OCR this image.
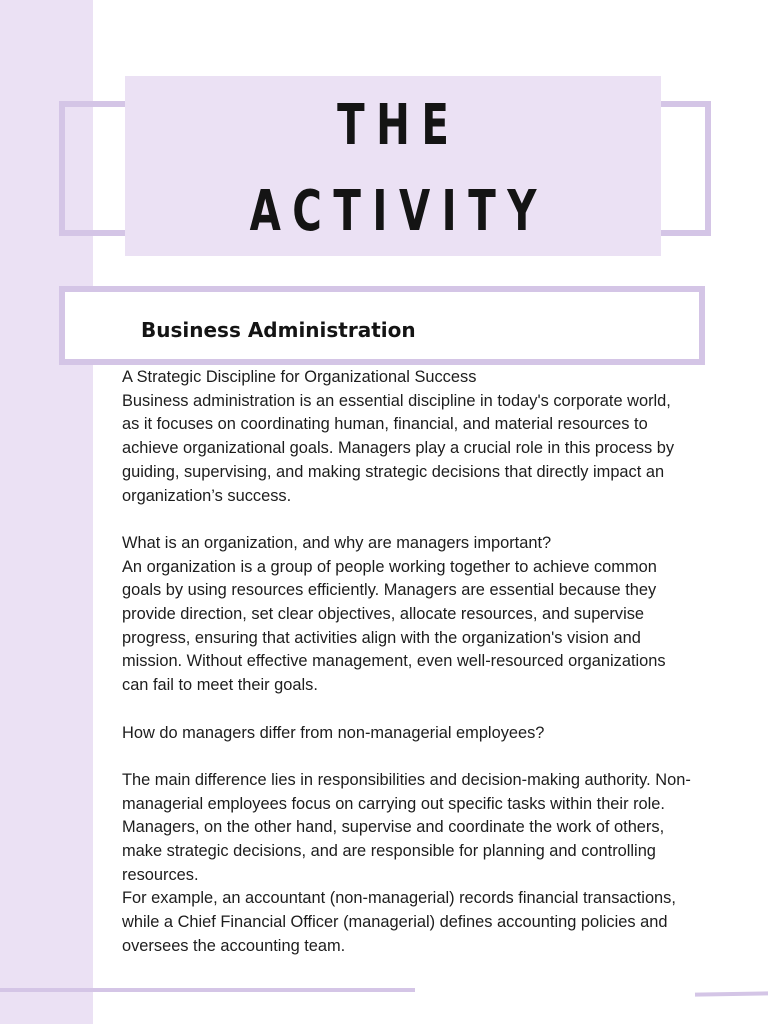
THE
ACTIVITY
Business Administration

A Strategic Discipline for Organizational Success

Business administration is an essential discipline in today's corporate world, as it focuses on coordinating human, financial, and material resources to achieve organizational goals. Managers play a crucial role in this process by guiding, supervising, and making strategic decisions that directly impact an organization’s success.

What is an organization, and why are managers important?

An organization is a group of people working together to achieve common goals by using resources efficiently. Managers are essential because they provide direction, set clear objectives, allocate resources, and supervise progress, ensuring that activities align with the organization's vision and mission. Without effective management, even well-resourced organizations can fail to meet their goals.

How do managers differ from non-managerial employees?

The main difference lies in responsibilities and decision-making authority. Non-managerial employees focus on carrying out specific tasks within their role. Managers, on the other hand, supervise and coordinate the work of others, make strategic decisions, and are responsible for planning and controlling resources.

For example, an accountant (non-managerial) records financial transactions, while a Chief Financial Officer (managerial) defines accounting policies and oversees the accounting team.
